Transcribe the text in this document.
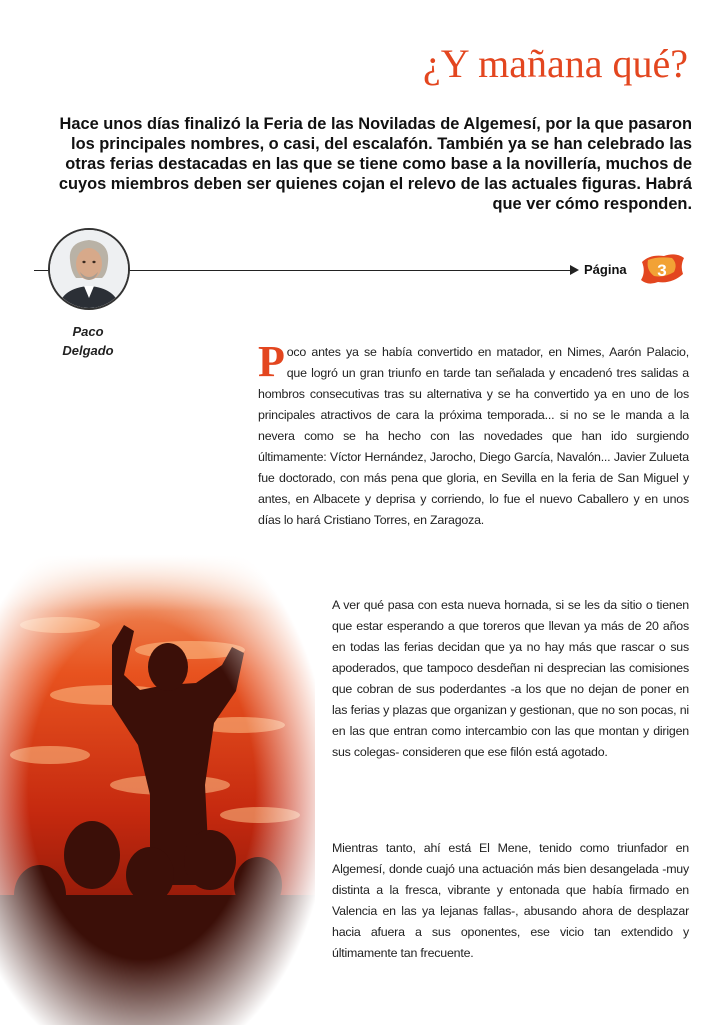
¿Y mañana qué?

Hace unos días finalizó la Feria de las Noviladas de Algemesí, por la que pasaron los principales nombres, o casi, del escalafón. También ya se han celebrado las otras ferias destacadas en las que se tiene como base a la novillería, muchos de cuyos miembros deben ser quienes cojan el relevo de las actuales figuras. Habrá que ver cómo responden.

Página 3
Paco
Delgado	Poco antes ya se había convertido en matador, en Nimes, Aarón Palacio, que logró un gran triunfo en tarde tan señalada y encadenó tres salidas a hombros consecutivas tras su alternativa y se ha convertido ya en uno de los principales atractivos de cara la próxima temporada... si no se le manda a la nevera como se ha hecho con las novedades que han ido surgiendo últimamente: Víctor Hernández, Jarocho, Diego García, Navalón... Javier Zulueta fue doctorado, con más pena que gloria, en Sevilla en la feria de San Miguel y antes, en Albacete y deprisa y corriendo, lo fue el nuevo Caballero y en unos días lo hará Cristiano Torres, en Zaragoza.

A ver qué pasa con esta nueva hornada, si se les da sitio o tienen que estar esperando a que toreros que llevan ya más de 20 años en todas las ferias decidan que ya no hay más que rascar o sus apoderados, que tampoco desdeñan ni desprecian las comisiones que cobran de sus poderdantes -a los que no dejan de poner en las ferias y plazas que organizan y gestionan, que no son pocas, ni en las que entran como intercambio con las que montan y dirigen sus colegas- consideren que ese filón está agotado.

Mientras tanto, ahí está El Mene, tenido como triunfador en Algemesí, donde cuajó una actuación más bien desangelada -muy distinta a la fresca, vibrante y entonada que había firmado en Valencia en las ya lejanas fallas-, abusando ahora de desplazar hacia afuera a sus oponentes, ese vicio tan extendido y últimamente tan frecuente.
